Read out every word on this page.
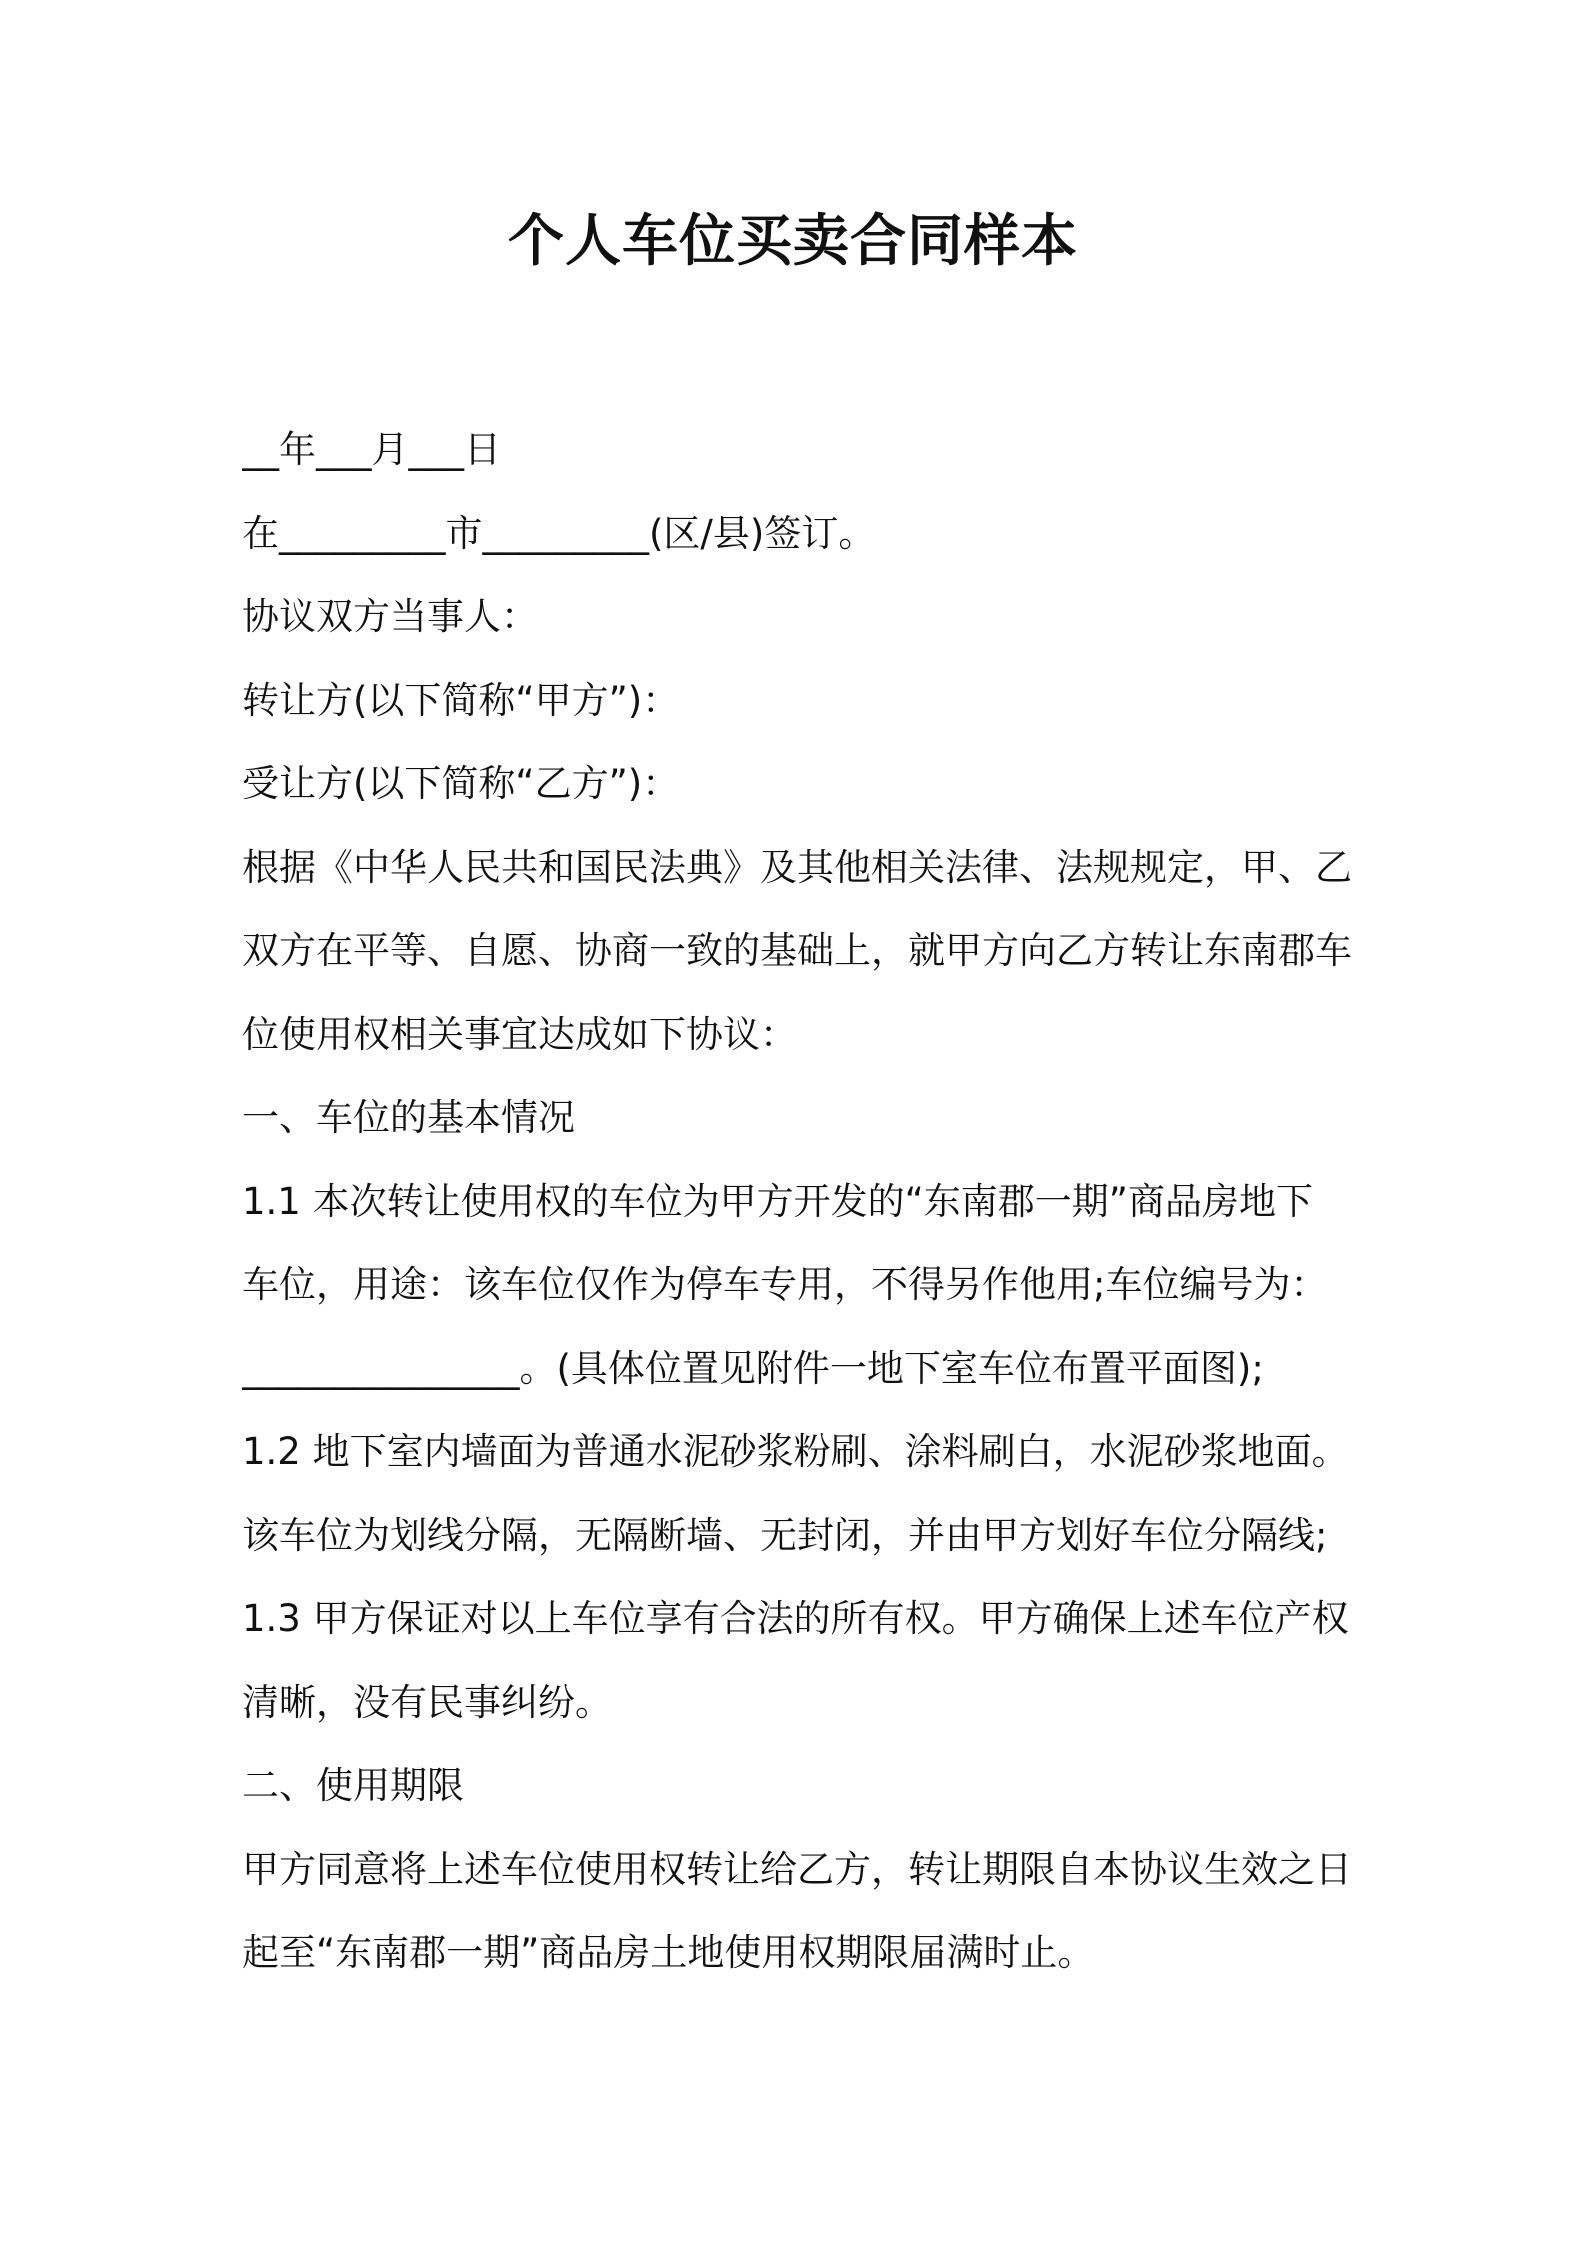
个人车位买卖合同样本
__年___月___日
在_________市_________(区/县)签订。
协议双方当事人：
转让方(以下简称“甲方”)：
受让方(以下简称“乙方”)：
根据《中华人民共和国民法典》及其他相关法律、法规规定，甲、乙
双方在平等、自愿、协商一致的基础上，就甲方向乙方转让东南郡车
位使用权相关事宜达成如下协议：
一、车位的基本情况
1.1 本次转让使用权的车位为甲方开发的“东南郡一期”商品房地下
车位，用途：该车位仅作为停车专用，不得另作他用;车位编号为：
_______________。(具体位置见附件一地下室车位布置平面图);
1.2 地下室内墙面为普通水泥砂浆粉刷、涂料刷白，水泥砂浆地面。
该车位为划线分隔，无隔断墙、无封闭，并由甲方划好车位分隔线;
1.3 甲方保证对以上车位享有合法的所有权。甲方确保上述车位产权
清晰，没有民事纠纷。
二、使用期限
甲方同意将上述车位使用权转让给乙方，转让期限自本协议生效之日
起至“东南郡一期”商品房土地使用权期限届满时止。
